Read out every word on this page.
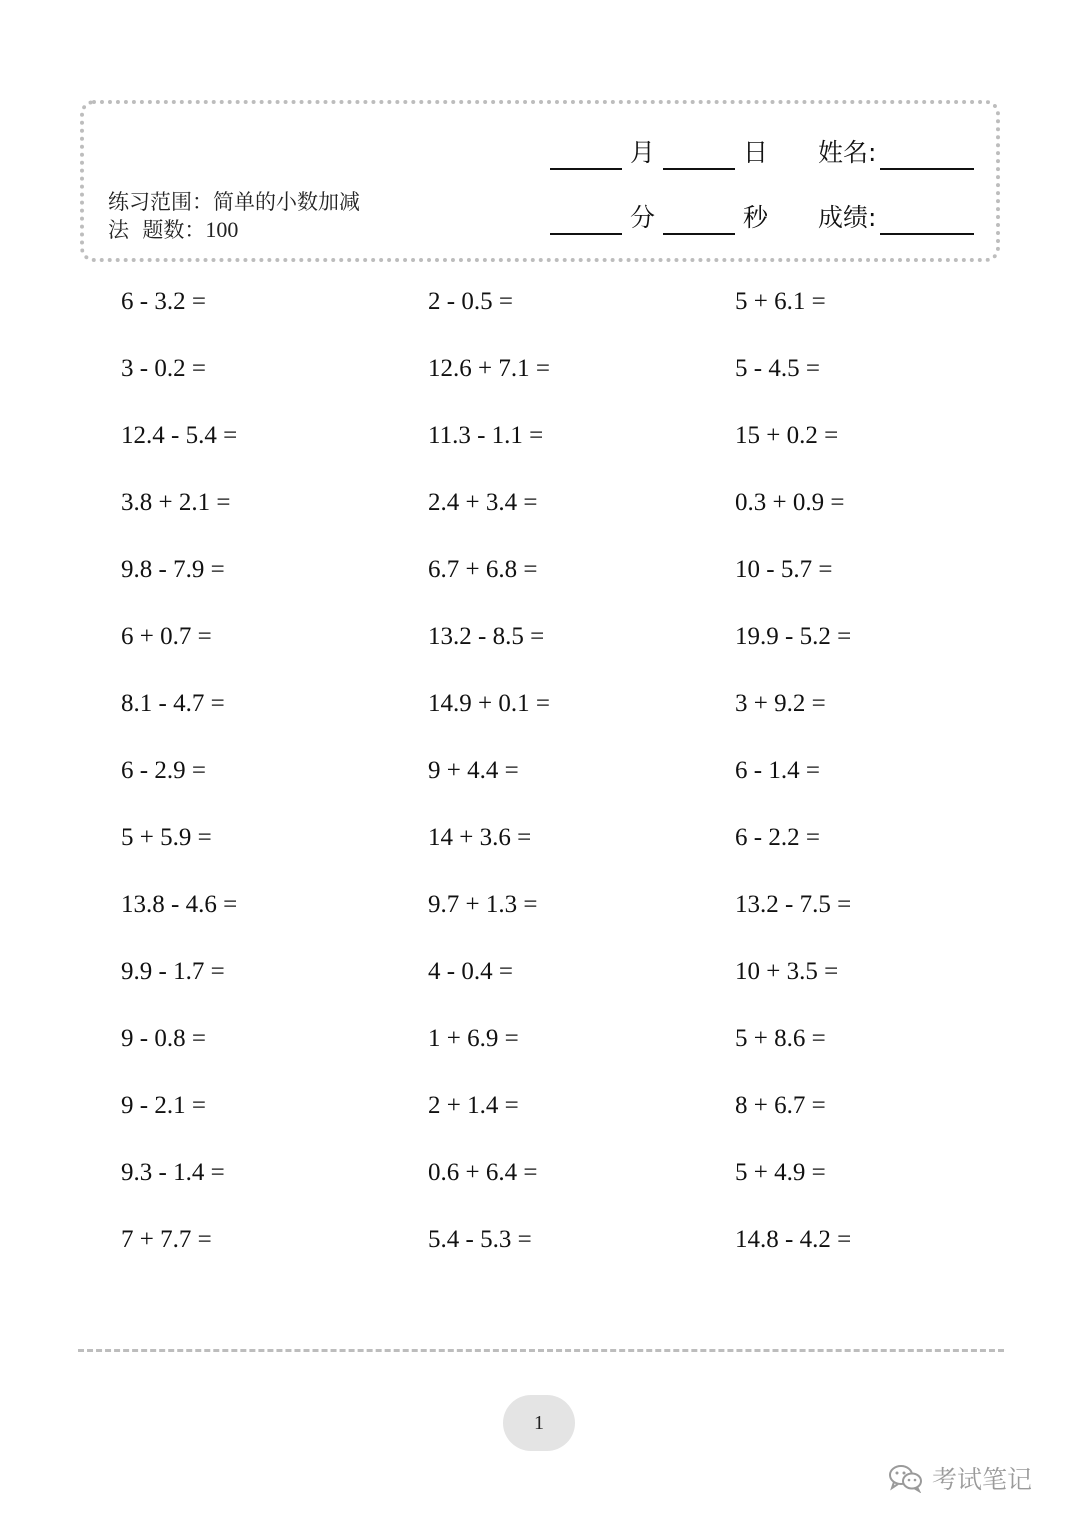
练习范围：简单的小数加减
法  题数：100
月	日 姓名:
分	秒 成绩:
6 - 3.2 =
3 - 0.2 =
12.4 - 5.4 =
3.8 + 2.1 =
9.8 - 7.9 =
6 + 0.7 =
8.1 - 4.7 =
6 - 2.9 =
5 + 5.9 =
13.8 - 4.6 =
9.9 - 1.7 =
9 - 0.8 =
9 - 2.1 =
9.3 - 1.4 =
7 + 7.7 =
2 - 0.5 =
12.6 + 7.1 =
11.3 - 1.1 =
2.4 + 3.4 =
6.7 + 6.8 =
13.2 - 8.5 =
14.9 + 0.1 =
9 + 4.4 =
14 + 3.6 =
9.7 + 1.3 =
4 - 0.4 =
1 + 6.9 =
2 + 1.4 =
0.6 + 6.4 =
5.4 - 5.3 =
5 + 6.1 =
5 - 4.5 =
15 + 0.2 =
0.3 + 0.9 =
10 - 5.7 =
19.9 - 5.2 =
3 + 9.2 =
6 - 1.4 =
6 - 2.2 =
13.2 - 7.5 =
10 + 3.5 =
5 + 8.6 =
8 + 6.7 =
5 + 4.9 =
14.8 - 4.2 =
1
考试笔记
